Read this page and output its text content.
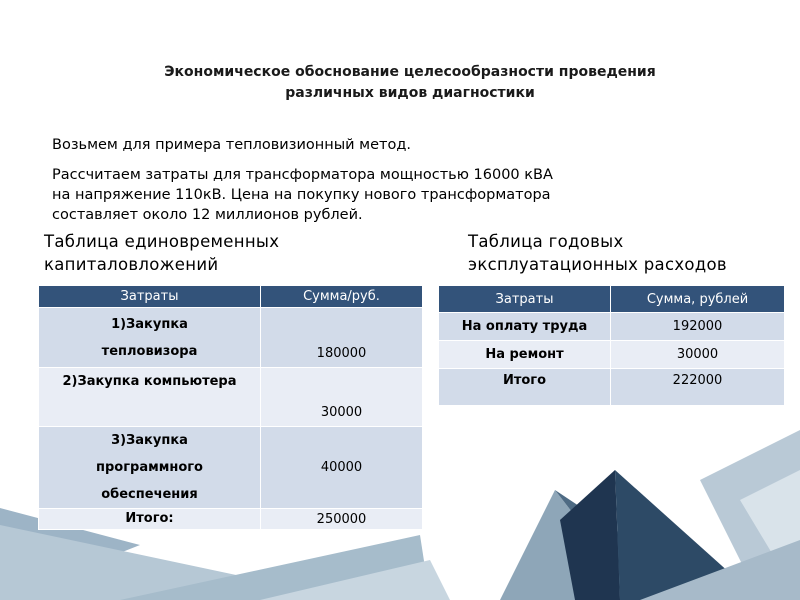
Экономическое обоснование целесообразности проведения
различных видов диагностики
Возьмем для примера тепловизионный метод.
Рассчитаем затраты для трансформатора мощностью 16000 кВА
на напряжение 110кВ. Цена на покупку нового трансформатора
составляет около 12 миллионов рублей.
Таблица единовременных
капиталовложений
Таблица годовых
эксплуатационных расходов
Затраты	Сумма/руб.

1)Закупка
тепловизора	180000

2)Закупка компьютера	30000

3)Закупка
программного
обеспечения	40000

Итого:	250000
Затраты	Сумма, рублей
На оплату труда	192000
На ремонт	30000
Итого	222000
